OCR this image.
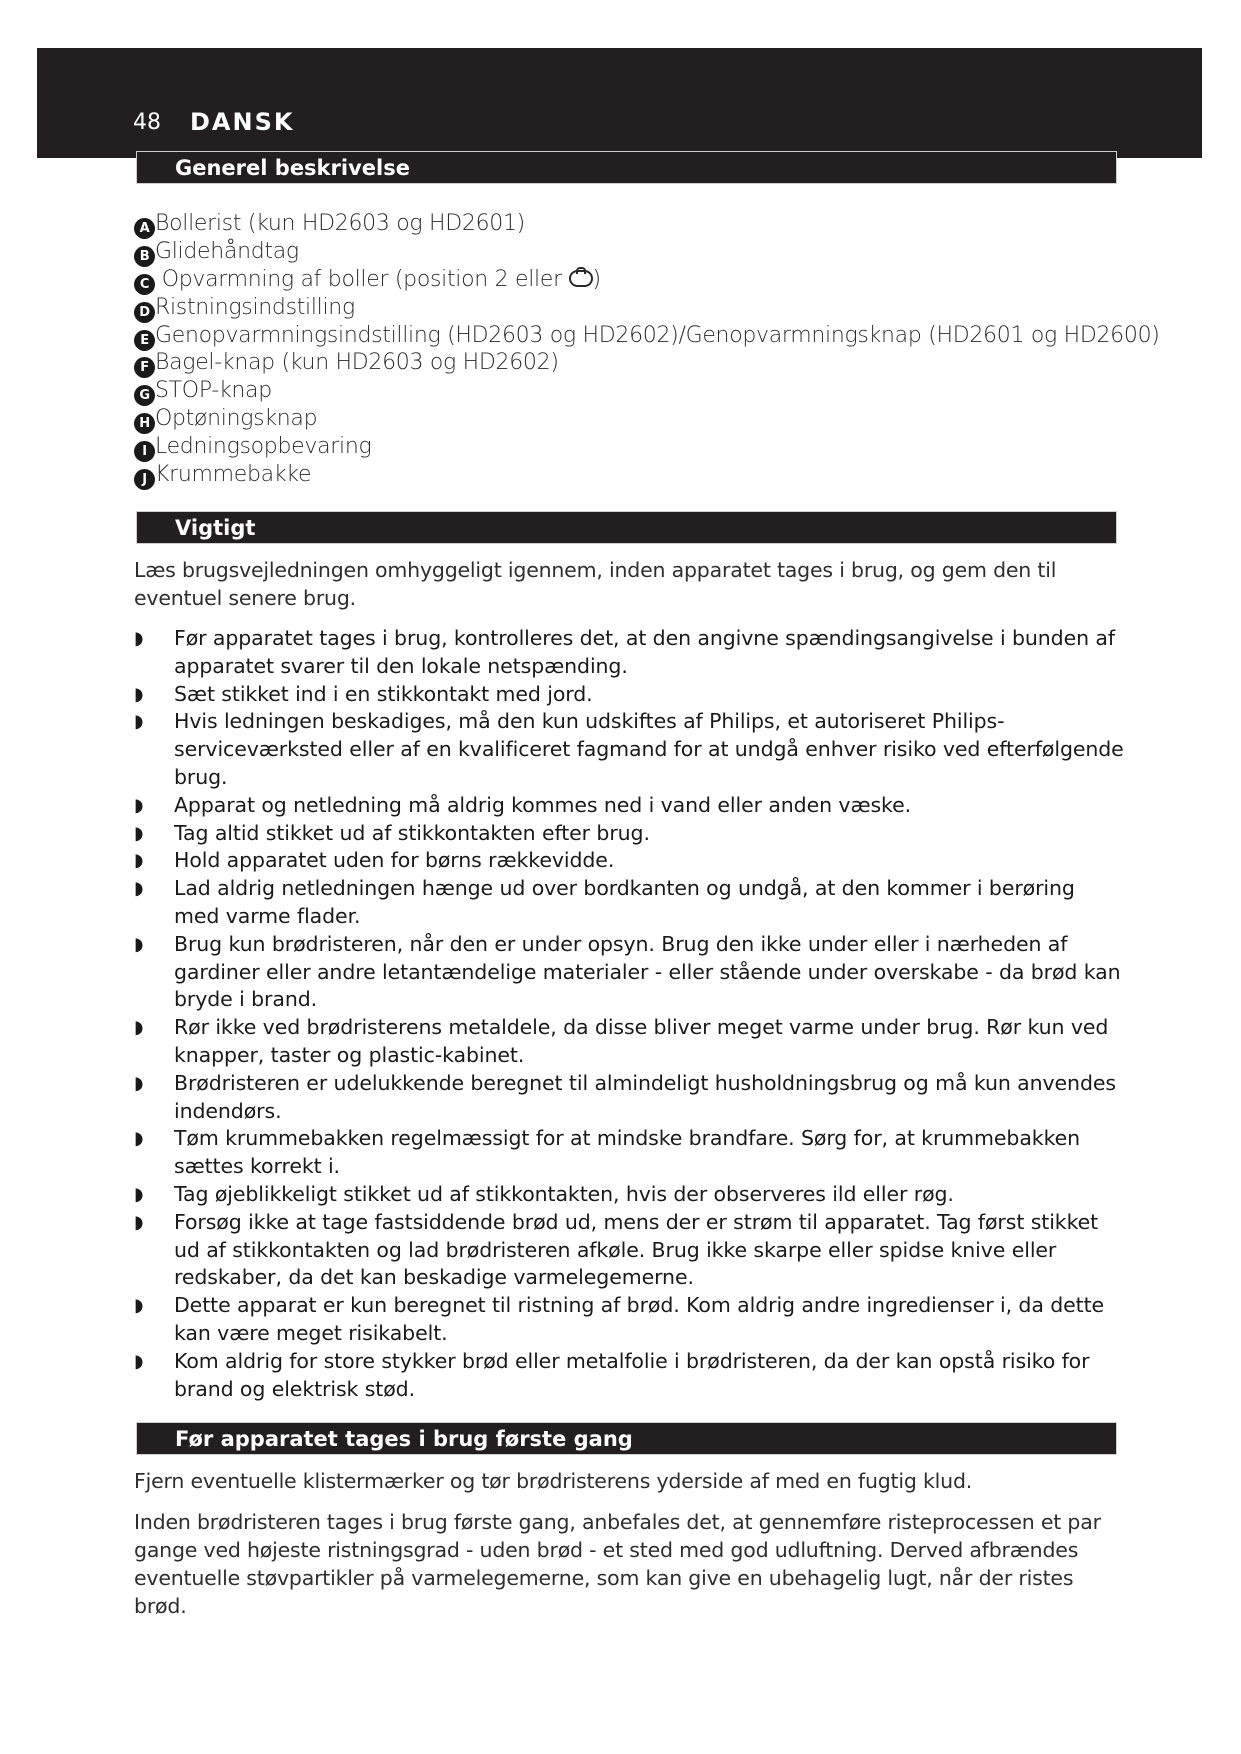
48 DANSK
Generel beskrivelse
A Bollerist (kun HD2603 og HD2601)
B Glidehåndtag
C Opvarmning af boller (position 2 eller )
D Ristningsindstilling
E Genopvarmningsindstilling (HD2603 og HD2602)/Genopvarmningsknap (HD2601 og HD2600)
F Bagel-knap (kun HD2603 og HD2602)
G STOP-knap
H Optøningsknap
I Ledningsopbevaring
J Krummebakke
Vigtigt
Læs brugsvejledningen omhyggeligt igennem, inden apparatet tages i brug, og gem den til eventuel senere brug.
◗ Før apparatet tages i brug, kontrolleres det, at den angivne spændingsangivelse i bunden af apparatet svarer til den lokale netspænding.
◗ Sæt stikket ind i en stikkontakt med jord.
◗ Hvis ledningen beskadiges, må den kun udskiftes af Philips, et autoriseret Philips-serviceværksted eller af en kvalificeret fagmand for at undgå enhver risiko ved efterfølgende brug.
◗ Apparat og netledning må aldrig kommes ned i vand eller anden væske.
◗ Tag altid stikket ud af stikkontakten efter brug.
◗ Hold apparatet uden for børns rækkevidde.
◗ Lad aldrig netledningen hænge ud over bordkanten og undgå, at den kommer i berøring med varme flader.
◗ Brug kun brødristeren, når den er under opsyn. Brug den ikke under eller i nærheden af gardiner eller andre letantændelige materialer - eller stående under overskabe - da brød kan bryde i brand.
◗ Rør ikke ved brødristerens metaldele, da disse bliver meget varme under brug. Rør kun ved knapper, taster og plastic-kabinet.
◗ Brødristeren er udelukkende beregnet til almindeligt husholdningsbrug og må kun anvendes indendørs.
◗ Tøm krummebakken regelmæssigt for at mindske brandfare. Sørg for, at krummebakken sættes korrekt i.
◗ Tag øjeblikkeligt stikket ud af stikkontakten, hvis der observeres ild eller røg.
◗ Forsøg ikke at tage fastsiddende brød ud, mens der er strøm til apparatet. Tag først stikket ud af stikkontakten og lad brødristeren afkøle. Brug ikke skarpe eller spidse knive eller redskaber, da det kan beskadige varmelegemerne.
◗ Dette apparat er kun beregnet til ristning af brød. Kom aldrig andre ingredienser i, da dette kan være meget risikabelt.
◗ Kom aldrig for store stykker brød eller metalfolie i brødristeren, da der kan opstå risiko for brand og elektrisk stød.
Før apparatet tages i brug første gang
Fjern eventuelle klistermærker og tør brødristerens yderside af med en fugtig klud.
Inden brødristeren tages i brug første gang, anbefales det, at gennemføre risteprocessen et par gange ved højeste ristningsgrad - uden brød - et sted med god udluftning. Derved afbrændes eventuelle støvpartikler på varmelegemerne, som kan give en ubehagelig lugt, når der ristes brød.
